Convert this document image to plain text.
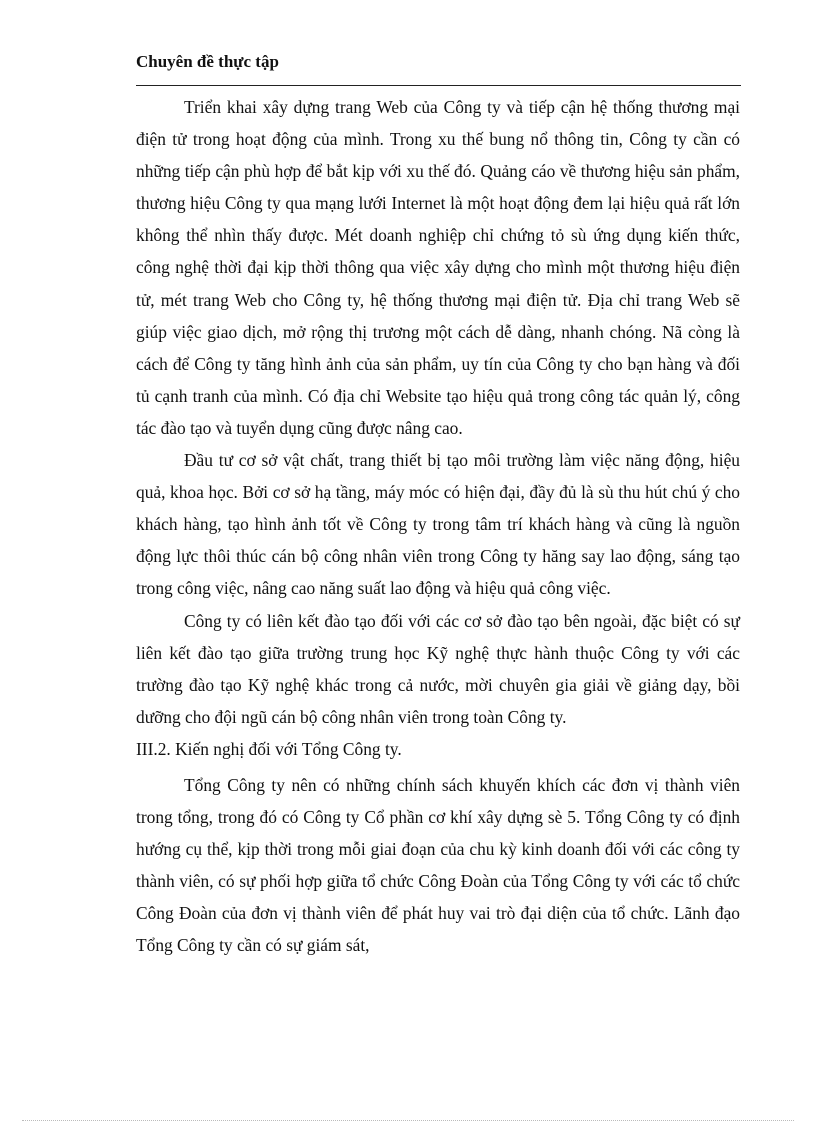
Chuyên đề thực tập

Triển khai xây dựng trang Web của Công ty và tiếp cận hệ thống thương mại điện tử trong hoạt động của mình. Trong xu thế bung nổ thông tin, Công ty cần có những tiếp cận phù hợp để bắt kịp với xu thế đó. Quảng cáo về thương hiệu sản phẩm, thương hiệu Công ty qua mạng lưới Internet là một hoạt động đem lại hiệu quả rất lớn không thể nhìn thấy được. Mét doanh nghiệp chỉ chứng tỏ sù ứng dụng kiến thức, công nghệ thời đại kịp thời thông qua việc xây dựng cho mình một thương hiệu điện tử, mét trang Web cho Công ty, hệ thống thương mại điện tử. Địa chỉ trang Web sẽ giúp việc giao dịch, mở rộng thị trương một cách dễ dàng, nhanh chóng. Nã còng là cách để Công ty tăng hình ảnh của sản phẩm, uy tín của Công ty cho bạn hàng và đối tủ cạnh tranh của mình. Có địa chỉ Website tạo hiệu quả trong công tác quản lý, công tác đào tạo và tuyển dụng cũng được nâng cao.

Đầu tư cơ sở vật chất, trang thiết bị tạo môi trường làm việc năng động, hiệu quả, khoa học. Bởi cơ sở hạ tầng, máy móc có hiện đại, đầy đủ là sù thu hút chú ý cho khách hàng, tạo hình ảnh tốt về Công ty trong tâm trí khách hàng và cũng là nguồn động lực thôi thúc cán bộ công nhân viên trong Công ty hăng say lao động, sáng tạo trong công việc, nâng cao năng suất lao động và hiệu quả công việc.

Công ty có liên kết đào tạo đối với các cơ sở đào tạo bên ngoài, đặc biệt có sự liên kết đào tạo giữa trường trung học Kỹ nghệ thực hành thuộc Công ty với các trường đào tạo Kỹ nghệ khác trong cả nước, mời chuyên gia giải về giảng dạy, bồi dưỡng cho đội ngũ cán bộ công nhân viên trong toàn Công ty.

III.2. Kiến nghị đối với Tổng Công ty.

Tổng Công ty nên có những chính sách khuyến khích các đơn vị thành viên trong tổng, trong đó có Công ty Cổ phần cơ khí xây dựng sè 5. Tổng Công ty có định hướng cụ thể, kịp thời trong mỗi giai đoạn của chu kỳ kinh doanh đối với các công ty thành viên, có sự phối hợp giữa tổ chức Công Đoàn của Tổng Công ty với các tổ chức Công Đoàn của đơn vị thành viên để phát huy vai trò đại diện của tổ chức. Lãnh đạo Tổng Công ty cần có sự giám sát,
